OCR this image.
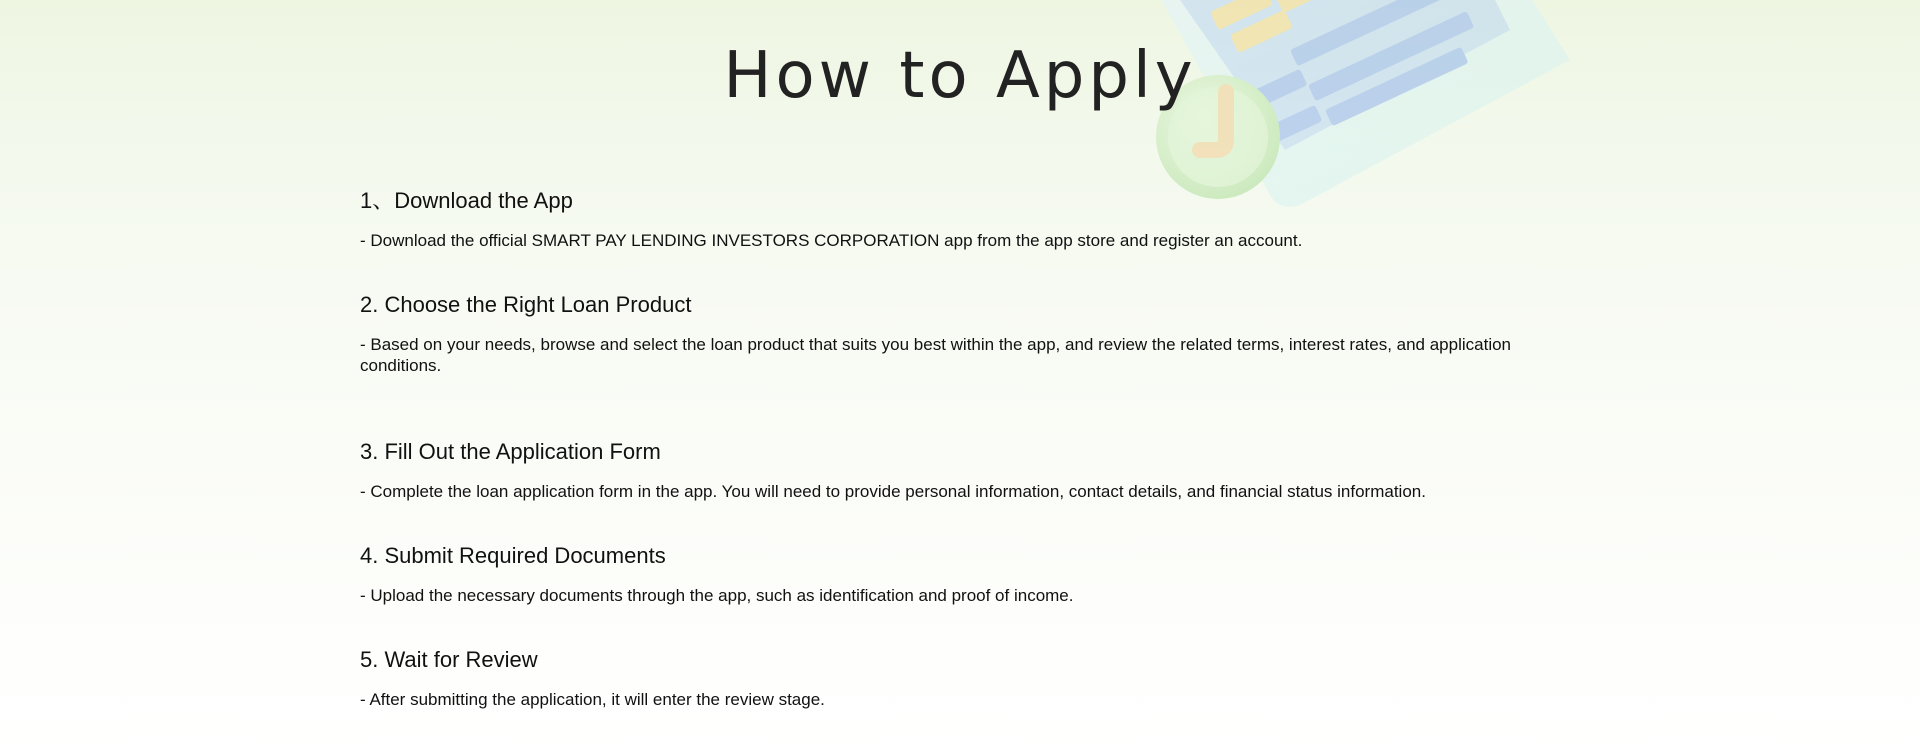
How to Apply
1、Download the App

- Download the official SMART PAY LENDING INVESTORS CORPORATION app from the app store and register an account.

2. Choose the Right Loan Product

- Based on your needs, browse and select the loan product that suits you best within the app, and review the related terms, interest rates, and application conditions.

3. Fill Out the Application Form

- Complete the loan application form in the app. You will need to provide personal information, contact details, and financial status information.

4. Submit Required Documents

- Upload the necessary documents through the app, such as identification and proof of income.

5. Wait for Review

- After submitting the application, it will enter the review stage.
